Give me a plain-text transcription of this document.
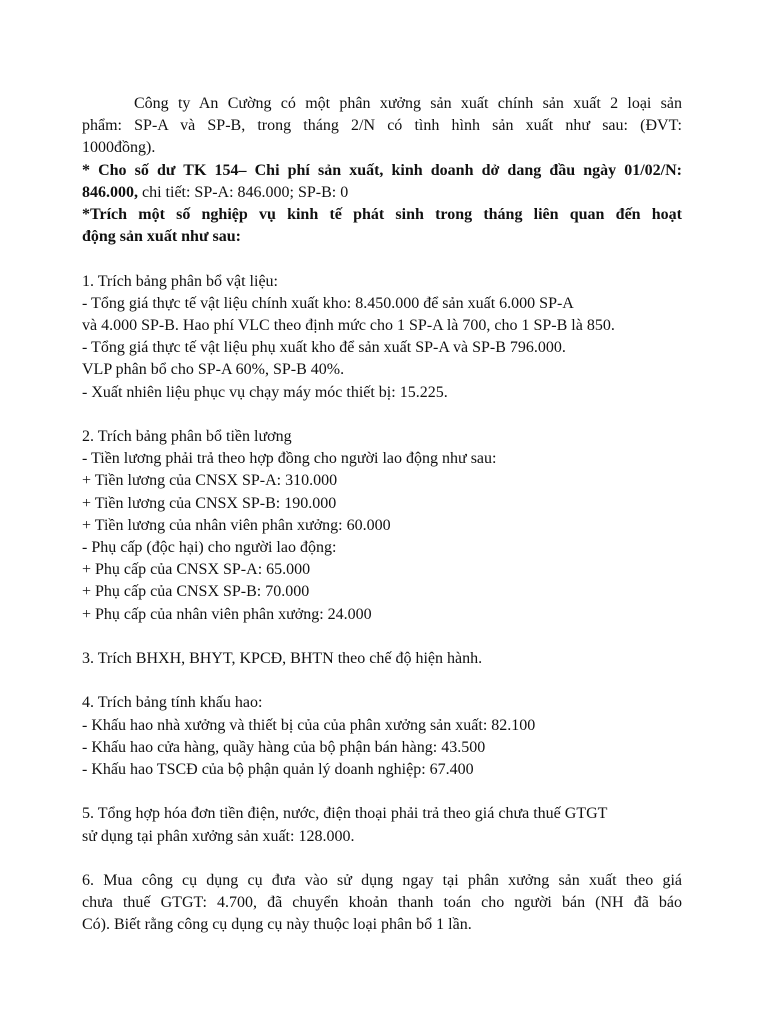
Công ty An Cường có một phân xưởng sản xuất chính sản xuất 2 loại sản
phẩm: SP-A và SP-B, trong tháng 2/N có tình hình sản xuất như sau: (ĐVT:
1000đồng).
* Cho số dư TK 154– Chi phí sản xuất, kinh doanh dở dang đầu ngày 01/02/N:
846.000, chi tiết: SP-A: 846.000; SP-B: 0
*Trích một số nghiệp vụ kinh tế phát sinh trong tháng liên quan đến hoạt
động sản xuất như sau:
1. Trích bảng phân bổ vật liệu:
- Tổng giá thực tế vật liệu chính xuất kho: 8.450.000 để sản xuất 6.000 SP-A
và 4.000 SP-B. Hao phí VLC theo định mức cho 1 SP-A là 700, cho 1 SP-B là 850.
- Tổng giá thực tế vật liệu phụ xuất kho để sản xuất SP-A và SP-B 796.000.
VLP phân bổ cho SP-A 60%, SP-B 40%.
- Xuất nhiên liệu phục vụ chạy máy móc thiết bị: 15.225.
2. Trích bảng phân bổ tiền lương
- Tiền lương phải trả theo hợp đồng cho người lao động như sau:
+ Tiền lương của CNSX SP-A: 310.000
+ Tiền lương của CNSX SP-B: 190.000
+ Tiền lương của nhân viên phân xưởng: 60.000
- Phụ cấp (độc hại) cho người lao động:
+ Phụ cấp của CNSX SP-A: 65.000
+ Phụ cấp của CNSX SP-B: 70.000
+ Phụ cấp của nhân viên phân xưởng: 24.000
3. Trích BHXH, BHYT, KPCĐ, BHTN theo chế độ hiện hành.
4. Trích bảng tính khấu hao:
- Khấu hao nhà xưởng và thiết bị của của phân xưởng sản xuất: 82.100
- Khấu hao cửa hàng, quầy hàng của bộ phận bán hàng: 43.500
- Khấu hao TSCĐ của bộ phận quản lý doanh nghiệp: 67.400
5. Tổng hợp hóa đơn tiền điện, nước, điện thoại phải trả theo giá chưa thuế GTGT
sử dụng tại phân xưởng sản xuất: 128.000.
6. Mua công cụ dụng cụ đưa vào sử dụng ngay tại phân xưởng sản xuất theo giá
chưa thuế GTGT: 4.700, đã chuyển khoản thanh toán cho người bán (NH đã báo
Có). Biết rằng công cụ dụng cụ này thuộc loại phân bổ 1 lần.
